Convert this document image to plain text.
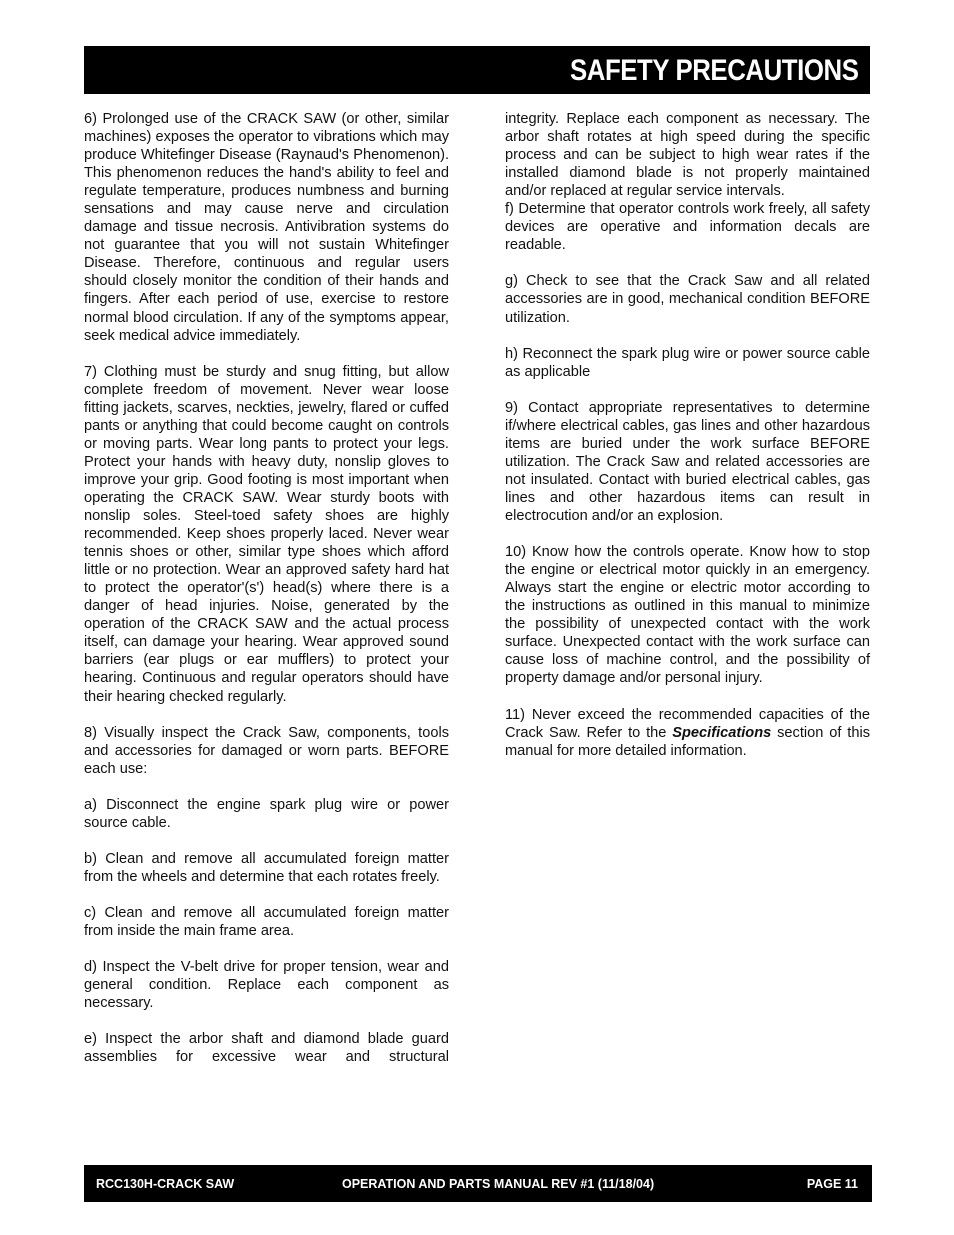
SAFETY PRECAUTIONS

6) Prolonged use of the CRACK SAW (or other, similar machines) exposes the operator to vibrations which may produce Whitefinger Disease (Raynaud's Phenomenon). This phenomenon reduces the hand's ability to feel and regulate temperature, produces numbness and burning sensations and may cause nerve and circulation damage and tissue necrosis. Antivibration systems do not guarantee that you will not sustain Whitefinger Disease. Therefore, continuous and regular users should closely monitor the condition of their hands and fingers. After each period of use, exercise to restore normal blood circulation. If any of the symptoms appear, seek medical advice immediately.

7) Clothing must be sturdy and snug fitting, but allow complete freedom of movement. Never wear loose fitting jackets, scarves, neckties, jewelry, flared or cuffed pants or anything that could become caught on controls or moving parts. Wear long pants to protect your legs. Protect your hands with heavy duty, nonslip gloves to improve your grip. Good footing is most important when operating the CRACK SAW. Wear sturdy boots with nonslip soles. Steel-toed safety shoes are highly recommended. Keep shoes properly laced. Never wear tennis shoes or other, similar type shoes which afford little or no protection. Wear an approved safety hard hat to protect the operator'(s') head(s) where there is a danger of head injuries. Noise, generated by the operation of the CRACK SAW and the actual process itself, can damage your hearing. Wear approved sound barriers (ear plugs or ear mufflers) to protect your hearing. Continuous and regular operators should have their hearing checked regularly.

8) Visually inspect the Crack Saw, components, tools and accessories for damaged or worn parts. BEFORE each use:

a) Disconnect the engine spark plug wire or power source cable.

b) Clean and remove all accumulated foreign matter from the wheels and determine that each rotates freely.

c) Clean and remove all accumulated foreign matter from inside the main frame area.

d) Inspect the V-belt drive for proper tension, wear and general condition. Replace each component as necessary.

e) Inspect the arbor shaft and diamond blade guard assemblies for excessive wear and structural

integrity. Replace each component as necessary. The arbor shaft rotates at high speed during the specific process and can be subject to high wear rates if the installed diamond blade is not properly maintained and/or replaced at regular service intervals.

f) Determine that operator controls work freely, all safety devices are operative and information decals are readable.

g) Check to see that the Crack Saw and all related accessories are in good, mechanical condition BEFORE utilization.

h) Reconnect the spark plug wire or power source cable as applicable

9) Contact appropriate representatives to determine if/where electrical cables, gas lines and other hazardous items are buried under the work surface BEFORE utilization. The Crack Saw and related accessories are not insulated. Contact with buried electrical cables, gas lines and other hazardous items can result in electrocution and/or an explosion.

10) Know how the controls operate. Know how to stop the engine or electrical motor quickly in an emergency. Always start the engine or electric motor according to the instructions as outlined in this manual to minimize the possibility of unexpected contact with the work surface. Unexpected contact with the work surface can cause loss of machine control, and the possibility of property damage and/or personal injury.

11) Never exceed the recommended capacities of the Crack Saw. Refer to the Specifications section of this manual for more detailed information.

RCC130H-CRACK SAW	OPERATION AND PARTS MANUAL REV #1 (11/18/04)	PAGE 11
